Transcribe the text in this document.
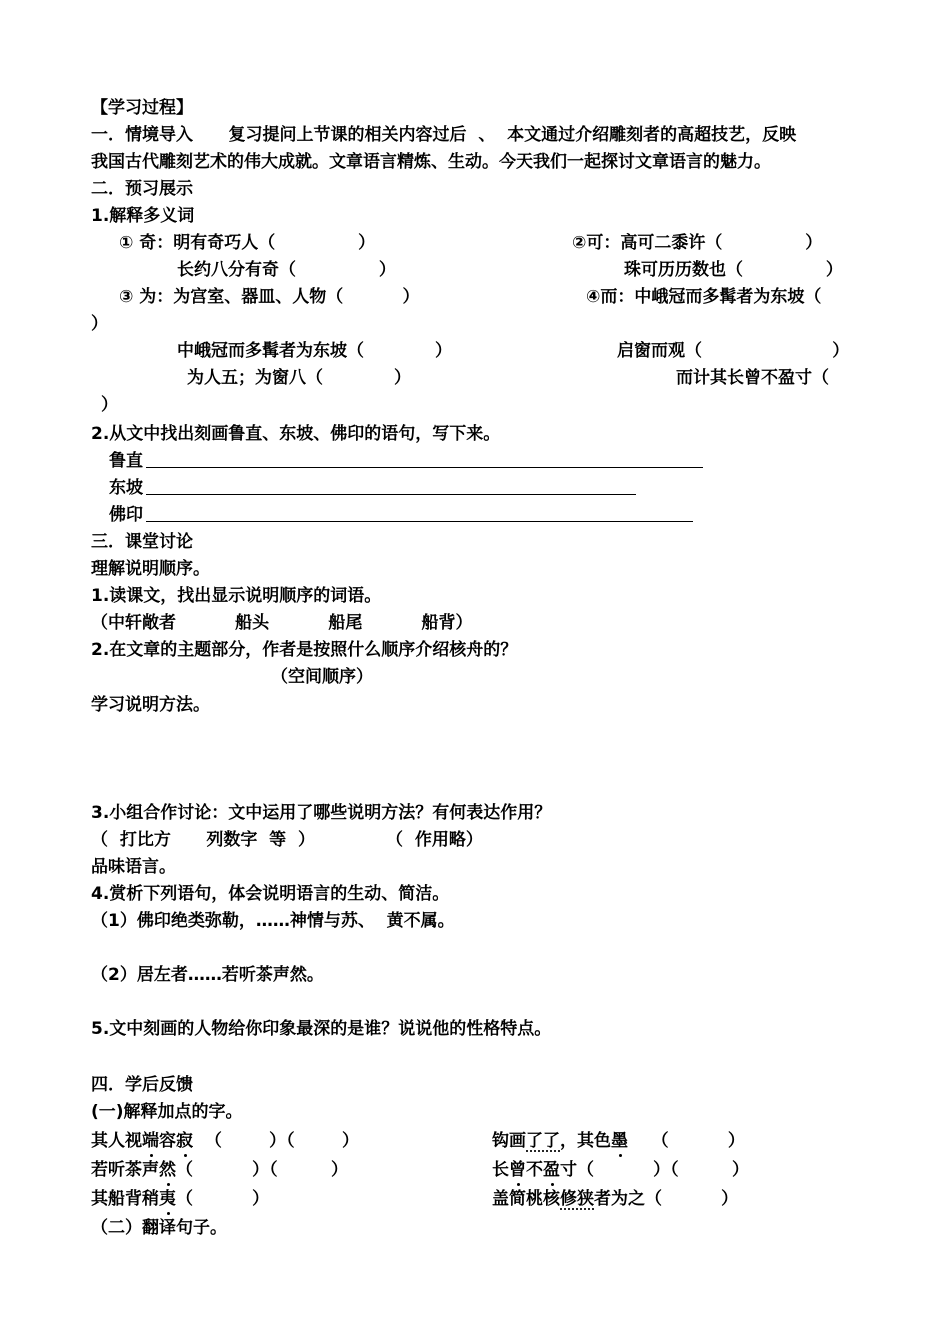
【学习过程】
一．情境导入      复习提问上节课的相关内容过后  、  本文通过介绍雕刻者的高超技艺，反映
我国古代雕刻艺术的伟大成就。文章语言精炼、生动。今天我们一起探讨文章语言的魅力。
二．预习展示
1.解释多义词
① 奇：明有奇巧人（              ）	②可：高可二黍许（              ）
长约八分有奇（              ）	珠可历历数也（              ）
③ 为：为宫室、器皿、人物（          ）	④而：中峨冠而多髯者为东坡（
）
中峨冠而多髯者为东坡（            ）	启窗而观（                      ）
为人五；为窗八（            ）	而计其长曾不盈寸（
）
2.从文中找出刻画鲁直、东坡、佛印的语句，写下来。
鲁直
东坡
佛印
三．课堂讨论
理解说明顺序。
1.读课文，找出显示说明顺序的词语。
（中轩敞者          船头          船尾          船背）
2.在文章的主题部分，作者是按照什么顺序介绍核舟的？
（空间顺序）
学习说明方法。
3.小组合作讨论：文中运用了哪些说明方法？有何表达作用？
（  打比方      列数字  等  ）            （  作用略）
品味语言。
4.赏析下列语句，体会说明语言的生动、简洁。
（1）佛印绝类弥勒，……神情与苏、  黄不属。
（2）居左者……若听茶声然。
5.文中刻画的人物给你印象最深的是谁？说说他的性格特点。
四．学后反馈
(一)解释加点的字。
其人视端容寂  （        ）（        ）	钩画了了，其色墨    （          ）
若听茶声然（          ）（         ）	长曾不盈寸（          ）（         ）
其船背稍夷（          ）	盖简桃核修狭者为之（          ）
（二）翻译句子。
